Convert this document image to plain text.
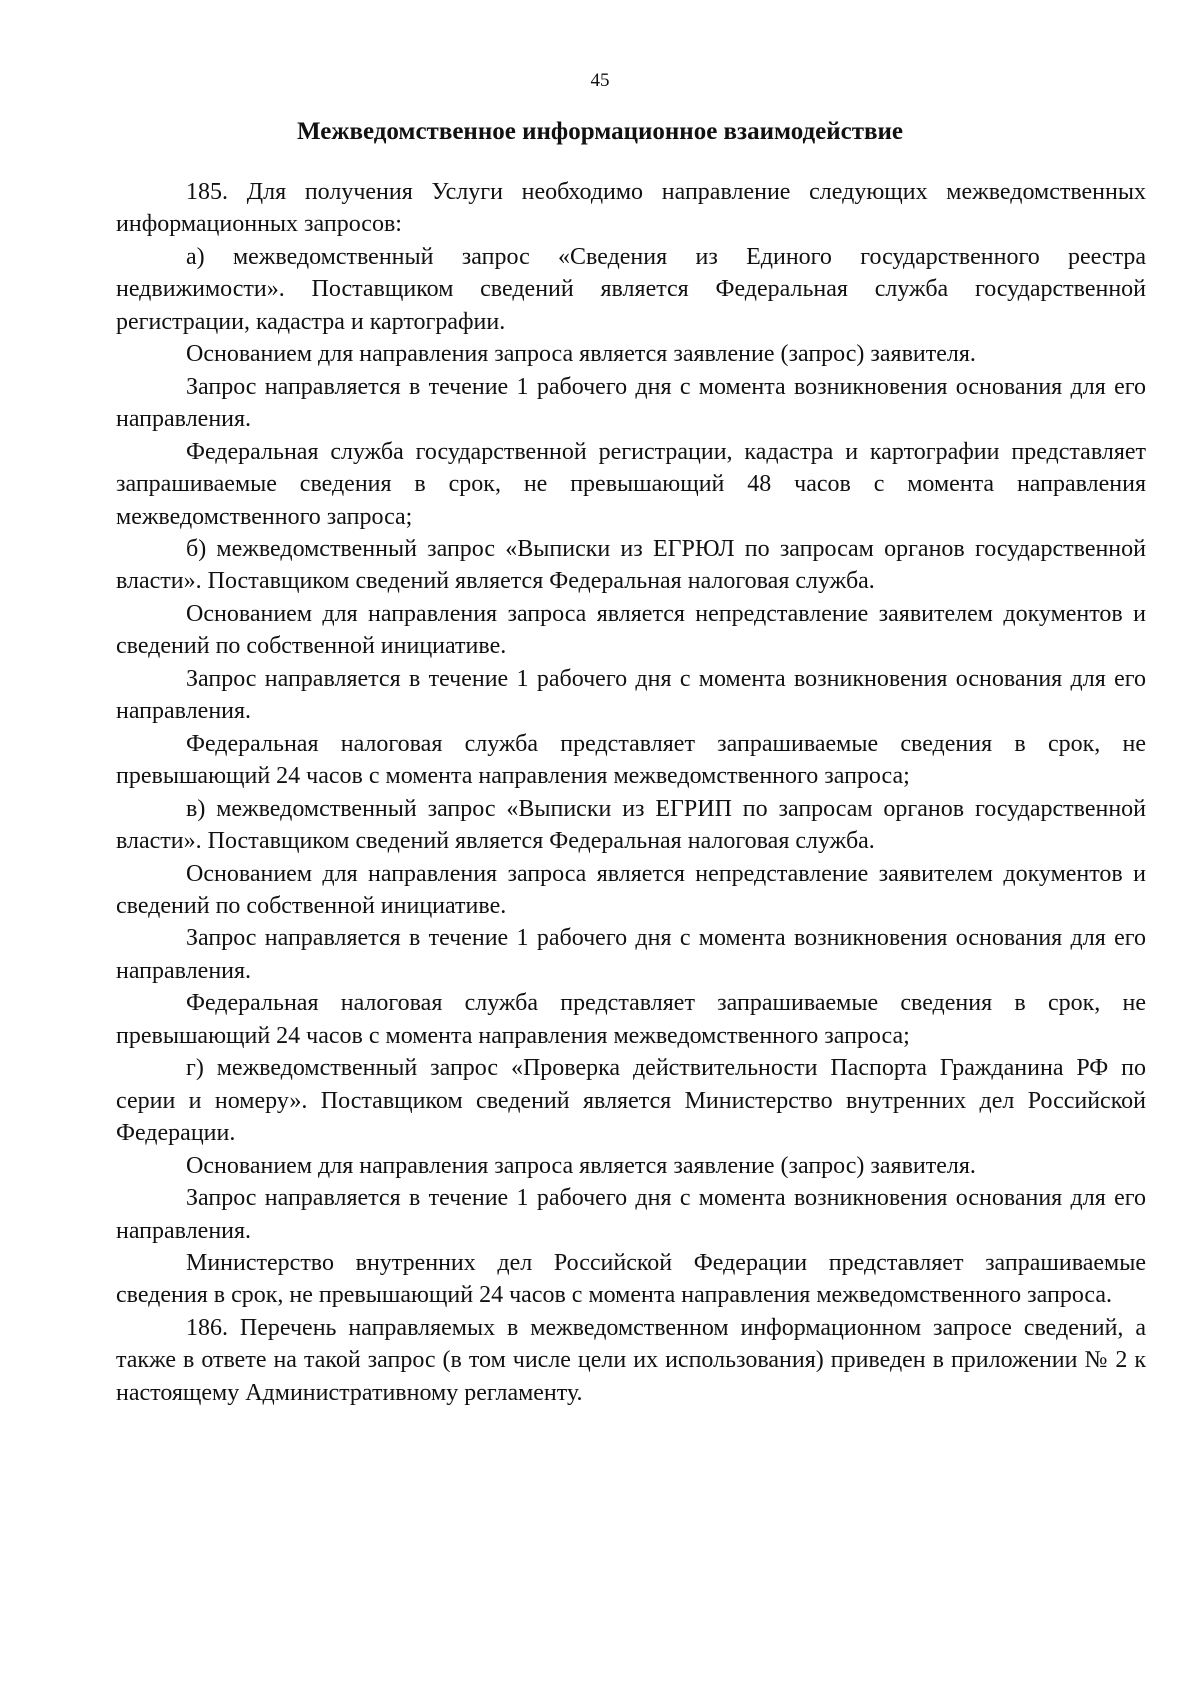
45
Межведомственное информационное взаимодействие

185. Для получения Услуги необходимо направление следующих межведомственных информационных запросов:

а) межведомственный запрос «Сведения из Единого государственного реестра недвижимости». Поставщиком сведений является Федеральная служба государственной регистрации, кадастра и картографии.

Основанием для направления запроса является заявление (запрос) заявителя.

Запрос направляется в течение 1 рабочего дня с момента возникновения основания для его направления.

Федеральная служба государственной регистрации, кадастра и картографии представляет запрашиваемые сведения в срок, не превышающий 48 часов с момента направления межведомственного запроса;

б) межведомственный запрос «Выписки из ЕГРЮЛ по запросам органов государственной власти». Поставщиком сведений является Федеральная налоговая служба.

Основанием для направления запроса является непредставление заявителем документов и сведений по собственной инициативе.

Запрос направляется в течение 1 рабочего дня с момента возникновения основания для его направления.

Федеральная налоговая служба представляет запрашиваемые сведения в срок, не превышающий 24 часов с момента направления межведомственного запроса;

в) межведомственный запрос «Выписки из ЕГРИП по запросам органов государственной власти». Поставщиком сведений является Федеральная налоговая служба.

Основанием для направления запроса является непредставление заявителем документов и сведений по собственной инициативе.

Запрос направляется в течение 1 рабочего дня с момента возникновения основания для его направления.

Федеральная налоговая служба представляет запрашиваемые сведения в срок, не превышающий 24 часов с момента направления межведомственного запроса;

г) межведомственный запрос «Проверка действительности Паспорта Гражданина РФ по серии и номеру». Поставщиком сведений является Министерство внутренних дел Российской Федерации.

Основанием для направления запроса является заявление (запрос) заявителя.

Запрос направляется в течение 1 рабочего дня с момента возникновения основания для его направления.

Министерство внутренних дел Российской Федерации представляет запрашиваемые сведения в срок, не превышающий 24 часов с момента направления межведомственного запроса.

186. Перечень направляемых в межведомственном информационном запросе сведений, а также в ответе на такой запрос (в том числе цели их использования) приведен в приложении № 2 к настоящему Административному регламенту.
